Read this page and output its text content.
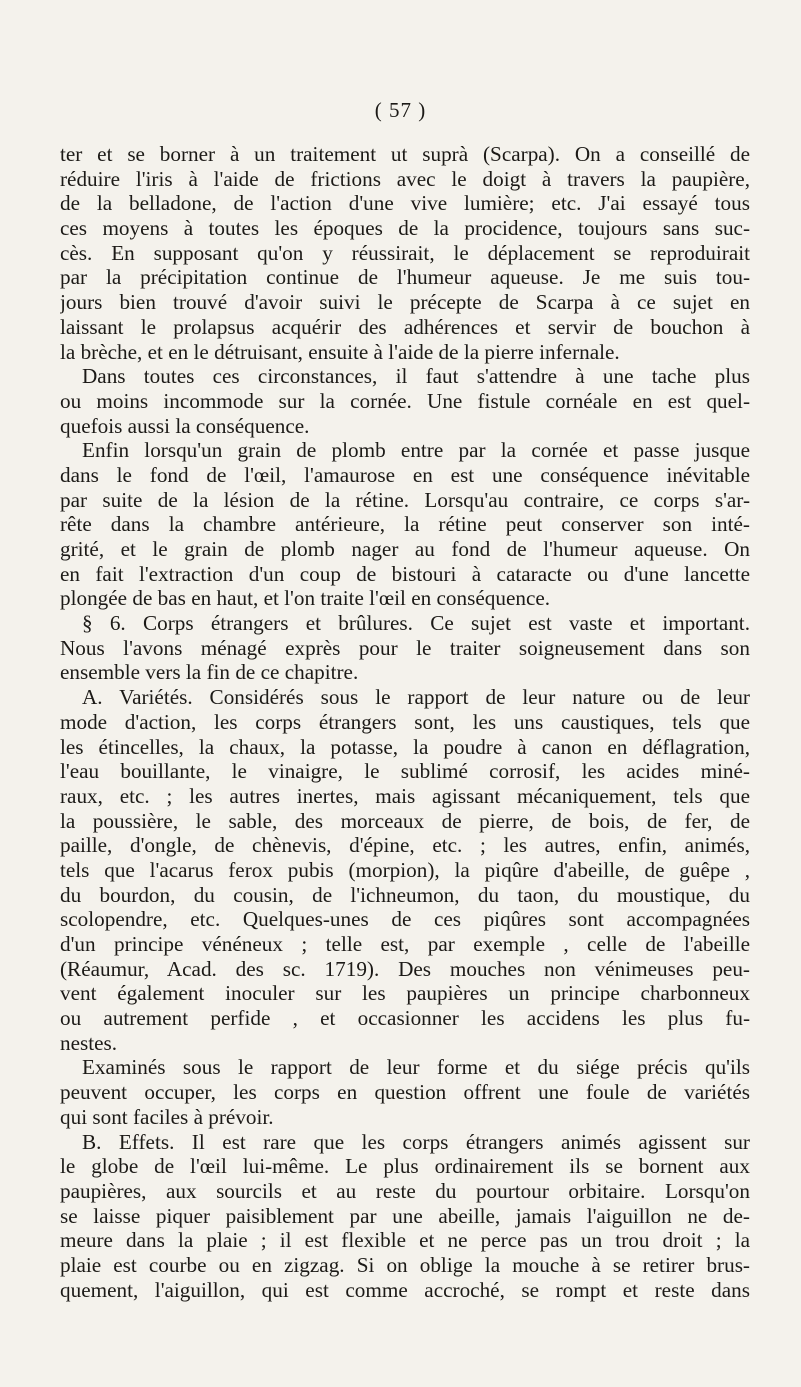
( 57 )
ter et se borner à un traitement ut suprà (Scarpa). On a conseillé de
réduire l'iris à l'aide de frictions avec le doigt à travers la paupière,
de la belladone, de l'action d'une vive lumière; etc. J'ai essayé tous
ces moyens à toutes les époques de la procidence, toujours sans suc-
cès. En supposant qu'on y réussirait, le déplacement se reproduirait
par la précipitation continue de l'humeur aqueuse. Je me suis tou-
jours bien trouvé d'avoir suivi le précepte de Scarpa à ce sujet en
laissant le prolapsus acquérir des adhérences et servir de bouchon à
la brèche, et en le détruisant, ensuite à l'aide de la pierre infernale.
Dans toutes ces circonstances, il faut s'attendre à une tache plus
ou moins incommode sur la cornée. Une fistule cornéale en est quel-
quefois aussi la conséquence.
Enfin lorsqu'un grain de plomb entre par la cornée et passe jusque
dans le fond de l'œil, l'amaurose en est une conséquence inévitable
par suite de la lésion de la rétine. Lorsqu'au contraire, ce corps s'ar-
rête dans la chambre antérieure, la rétine peut conserver son inté-
grité, et le grain de plomb nager au fond de l'humeur aqueuse. On
en fait l'extraction d'un coup de bistouri à cataracte ou d'une lancette
plongée de bas en haut, et l'on traite l'œil en conséquence.
§ 6. Corps étrangers et brûlures. Ce sujet est vaste et important.
Nous l'avons ménagé exprès pour le traiter soigneusement dans son
ensemble vers la fin de ce chapitre.
A. Variétés. Considérés sous le rapport de leur nature ou de leur
mode d'action, les corps étrangers sont, les uns caustiques, tels que
les étincelles, la chaux, la potasse, la poudre à canon en déflagration,
l'eau bouillante, le vinaigre, le sublimé corrosif, les acides miné-
raux, etc. ; les autres inertes, mais agissant mécaniquement, tels que
la poussière, le sable, des morceaux de pierre, de bois, de fer, de
paille, d'ongle, de chènevis, d'épine, etc. ; les autres, enfin, animés,
tels que l'acarus ferox pubis (morpion), la piqûre d'abeille, de guêpe ,
du bourdon, du cousin, de l'ichneumon, du taon, du moustique, du
scolopendre, etc. Quelques-unes de ces piqûres sont accompagnées
d'un principe vénéneux ; telle est, par exemple , celle de l'abeille
(Réaumur, Acad. des sc. 1719). Des mouches non vénimeuses peu-
vent également inoculer sur les paupières un principe charbonneux
ou autrement perfide , et occasionner les accidens les plus fu-
nestes.
Examinés sous le rapport de leur forme et du siége précis qu'ils
peuvent occuper, les corps en question offrent une foule de variétés
qui sont faciles à prévoir.
B. Effets. Il est rare que les corps étrangers animés agissent sur
le globe de l'œil lui-même. Le plus ordinairement ils se bornent aux
paupières, aux sourcils et au reste du pourtour orbitaire. Lorsqu'on
se laisse piquer paisiblement par une abeille, jamais l'aiguillon ne de-
meure dans la plaie ; il est flexible et ne perce pas un trou droit ; la
plaie est courbe ou en zigzag. Si on oblige la mouche à se retirer brus-
quement, l'aiguillon, qui est comme accroché, se rompt et reste dans
